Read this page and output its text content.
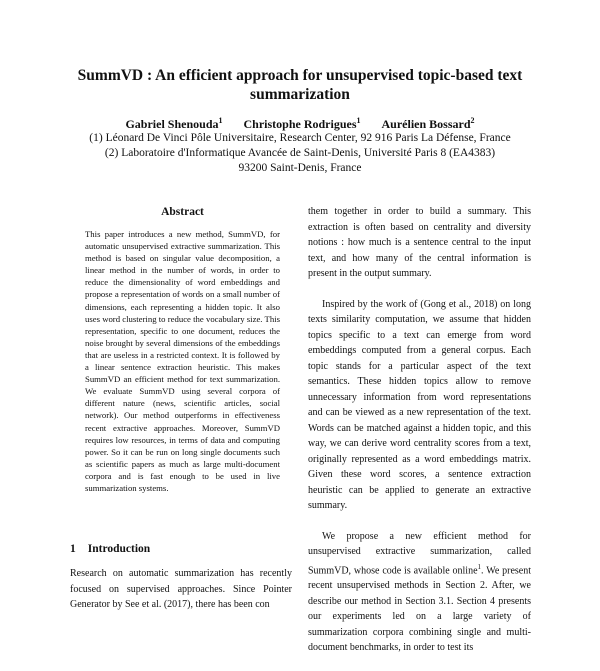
SummVD : An efficient approach for unsupervised topic-based text summarization
Gabriel Shenouda$^1$ Christophe Rodrigues$^1$ Aurélien Bossard$^2$
(1) Léonard De Vinci Pôle Universitaire, Research Center, 92 916 Paris La Défense, France
(2) Laboratoire d'Informatique Avancée de Saint-Denis, Université Paris 8 (EA4383)
93200 Saint-Denis, France
Abstract

This paper introduces a new method, SummVD, for automatic unsupervised extractive summarization. This method is based on singular value decomposition, a linear method in the number of words, in order to reduce the dimensionality of word embeddings and propose a representation of words on a small number of dimensions, each representing a hidden topic. It also uses word clustering to reduce the vocabulary size. This representation, specific to one document, reduces the noise brought by several dimensions of the embeddings that are useless in a restricted context. It is followed by a linear sentence extraction heuristic. This makes SummVD an efficient method for text summarization. We evaluate SummVD using several corpora of different nature (news, scientific articles, social network). Our method outperforms in effectiveness recent extractive approaches. Moreover, SummVD requires low resources, in terms of data and computing power. So it can be run on long single documents such as scientific papers as much as large multi-document corpora and is fast enough to be used in live summarization systems.

1 Introduction
Research on automatic summarization has recently focused on supervised approaches. Since Pointer Generator by See et al. (2017), there has been con

them together in order to build a summary. This extraction is often based on centrality and diversity notions : how much is a sentence central to the input text, and how many of the central information is present in the output summary.

Inspired by the work of (Gong et al., 2018) on long texts similarity computation, we assume that hidden topics specific to a text can emerge from word embeddings computed from a general corpus. Each topic stands for a particular aspect of the text semantics. These hidden topics allow to remove unnecessary information from word representations and can be viewed as a new representation of the text. Words can be matched against a hidden topic, and this way, we can derive word centrality scores from a text, originally represented as a word embeddings matrix. Given these word scores, a sentence extraction heuristic can be applied to generate an extractive summary.

We propose a new efficient method for unsupervised extractive summarization, called SummVD, whose code is available online$^1$. We present recent unsupervised methods in Section 2. After, we describe our method in Section 3.1. Section 4 presents our experiments led on a large variety of summarization corpora combining single and multi-document benchmarks, in order to test its
